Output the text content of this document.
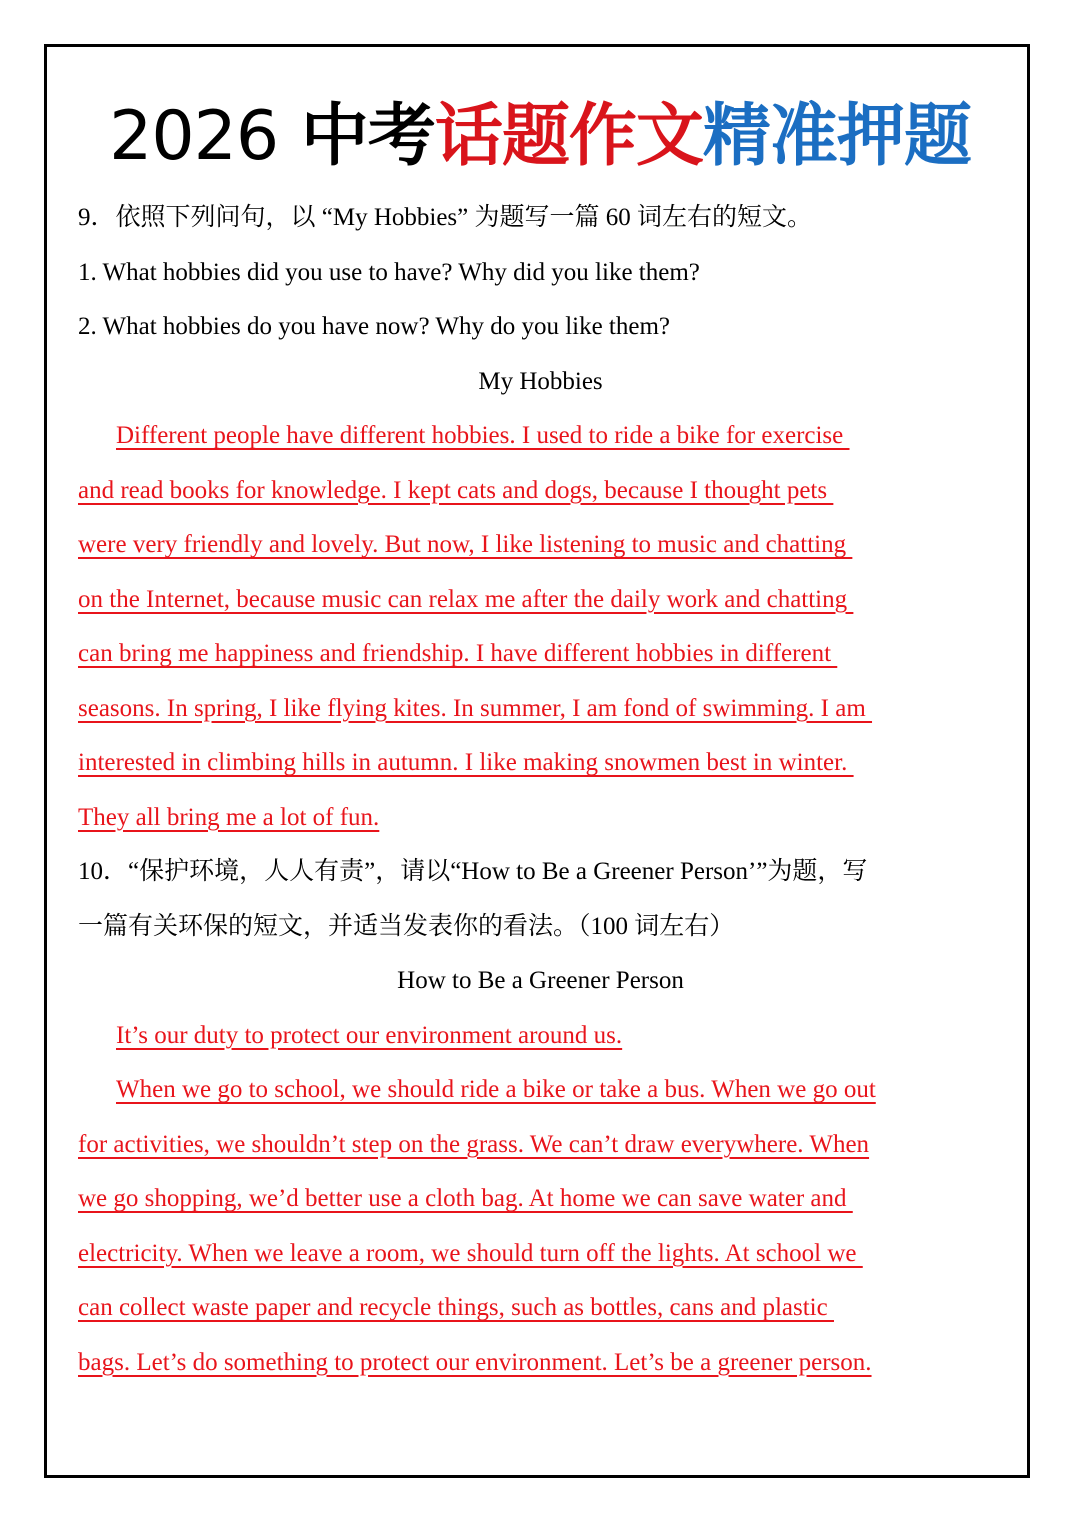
2026 中考话题作文精准押题
9．依照下列问句，以 “My Hobbies” 为题写一篇 60 词左右的短文。
1. What hobbies did you use to have? Why did you like them?
2. What hobbies do you have now? Why do you like them?
My Hobbies
Different people have different hobbies. I used to ride a bike for exercise
and read books for knowledge. I kept cats and dogs, because I thought pets
were very friendly and lovely. But now, I like listening to music and chatting
on the Internet, because music can relax me after the daily work and chatting
can bring me happiness and friendship. I have different hobbies in different
seasons. In spring, I like flying kites. In summer, I am fond of swimming. I am
interested in climbing hills in autumn. I like making snowmen best in winter.
They all bring me a lot of fun.
10．“保护环境，人人有责”，请以“How to Be a Greener Person’”为题，写
一篇有关环保的短文，并适当发表你的看法。（100 词左右）
How to Be a Greener Person
It’s our duty to protect our environment around us.
When we go to school, we should ride a bike or take a bus. When we go out
for activities, we shouldn’t step on the grass. We can’t draw everywhere. When
we go shopping, we’d better use a cloth bag. At home we can save water and
electricity. When we leave a room, we should turn off the lights. At school we
can collect waste paper and recycle things, such as bottles, cans and plastic
bags. Let’s do something to protect our environment. Let’s be a greener person.
